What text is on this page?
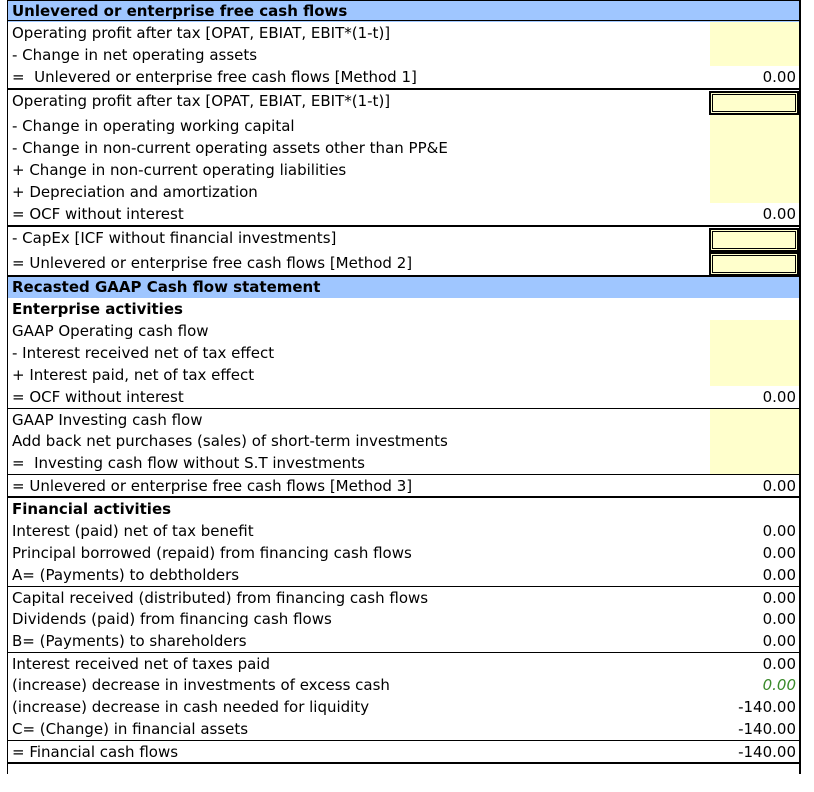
Unlevered or enterprise free cash flows
Operating profit after tax [OPAT, EBIAT, EBIT*(1-t)]
- Change in net operating assets
=  Unlevered or enterprise free cash flows [Method 1]	0.00
Operating profit after tax [OPAT, EBIAT, EBIT*(1-t)]
- Change in operating working capital
- Change in non-current operating assets other than PP&E
+ Change in non-current operating liabilities
+ Depreciation and amortization
= OCF without interest	0.00
- CapEx [ICF without financial investments]
= Unlevered or enterprise free cash flows [Method 2]
Recasted GAAP Cash flow statement
Enterprise activities
GAAP Operating cash flow
- Interest received net of tax effect
+ Interest paid, net of tax effect
= OCF without interest	0.00
GAAP Investing cash flow
Add back net purchases (sales) of short-term investments
=  Investing cash flow without S.T investments
= Unlevered or enterprise free cash flows [Method 3]	0.00
Financial activities
Interest (paid) net of tax benefit	0.00
Principal borrowed (repaid) from financing cash flows	0.00
A= (Payments) to debtholders	0.00
Capital received (distributed) from financing cash flows	0.00
Dividends (paid) from financing cash flows	0.00
B= (Payments) to shareholders	0.00
Interest received net of taxes paid	0.00
(increase) decrease in investments of excess cash	0.00
(increase) decrease in cash needed for liquidity	-140.00
C= (Change) in financial assets	-140.00
= Financial cash flows	-140.00
